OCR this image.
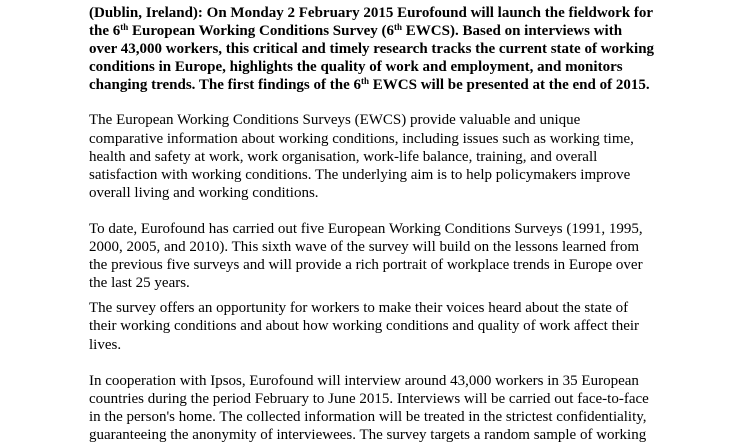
(Dublin, Ireland): On Monday 2 February 2015 Eurofound will launch the fieldwork for
the 6th European Working Conditions Survey (6th EWCS). Based on interviews with
over 43,000 workers, this critical and timely research tracks the current state of working
conditions in Europe, highlights the quality of work and employment, and monitors
changing trends. The first findings of the 6th EWCS will be presented at the end of 2015.

The European Working Conditions Surveys (EWCS) provide valuable and unique
comparative information about working conditions, including issues such as working time,
health and safety at work, work organisation, work-life balance, training, and overall
satisfaction with working conditions. The underlying aim is to help policymakers improve
overall living and working conditions.

To date, Eurofound has carried out five European Working Conditions Surveys (1991, 1995,
2000, 2005, and 2010). This sixth wave of the survey will build on the lessons learned from
the previous five surveys and will provide a rich portrait of workplace trends in Europe over
the last 25 years.

The survey offers an opportunity for workers to make their voices heard about the state of
their working conditions and about how working conditions and quality of work affect their
lives.

In cooperation with Ipsos, Eurofound will interview around 43,000 workers in 35 European
countries during the period February to June 2015. Interviews will be carried out face-to-face
in the person's home. The collected information will be treated in the strictest confidentiality,
guaranteeing the anonymity of interviewees. The survey targets a random sample of working
